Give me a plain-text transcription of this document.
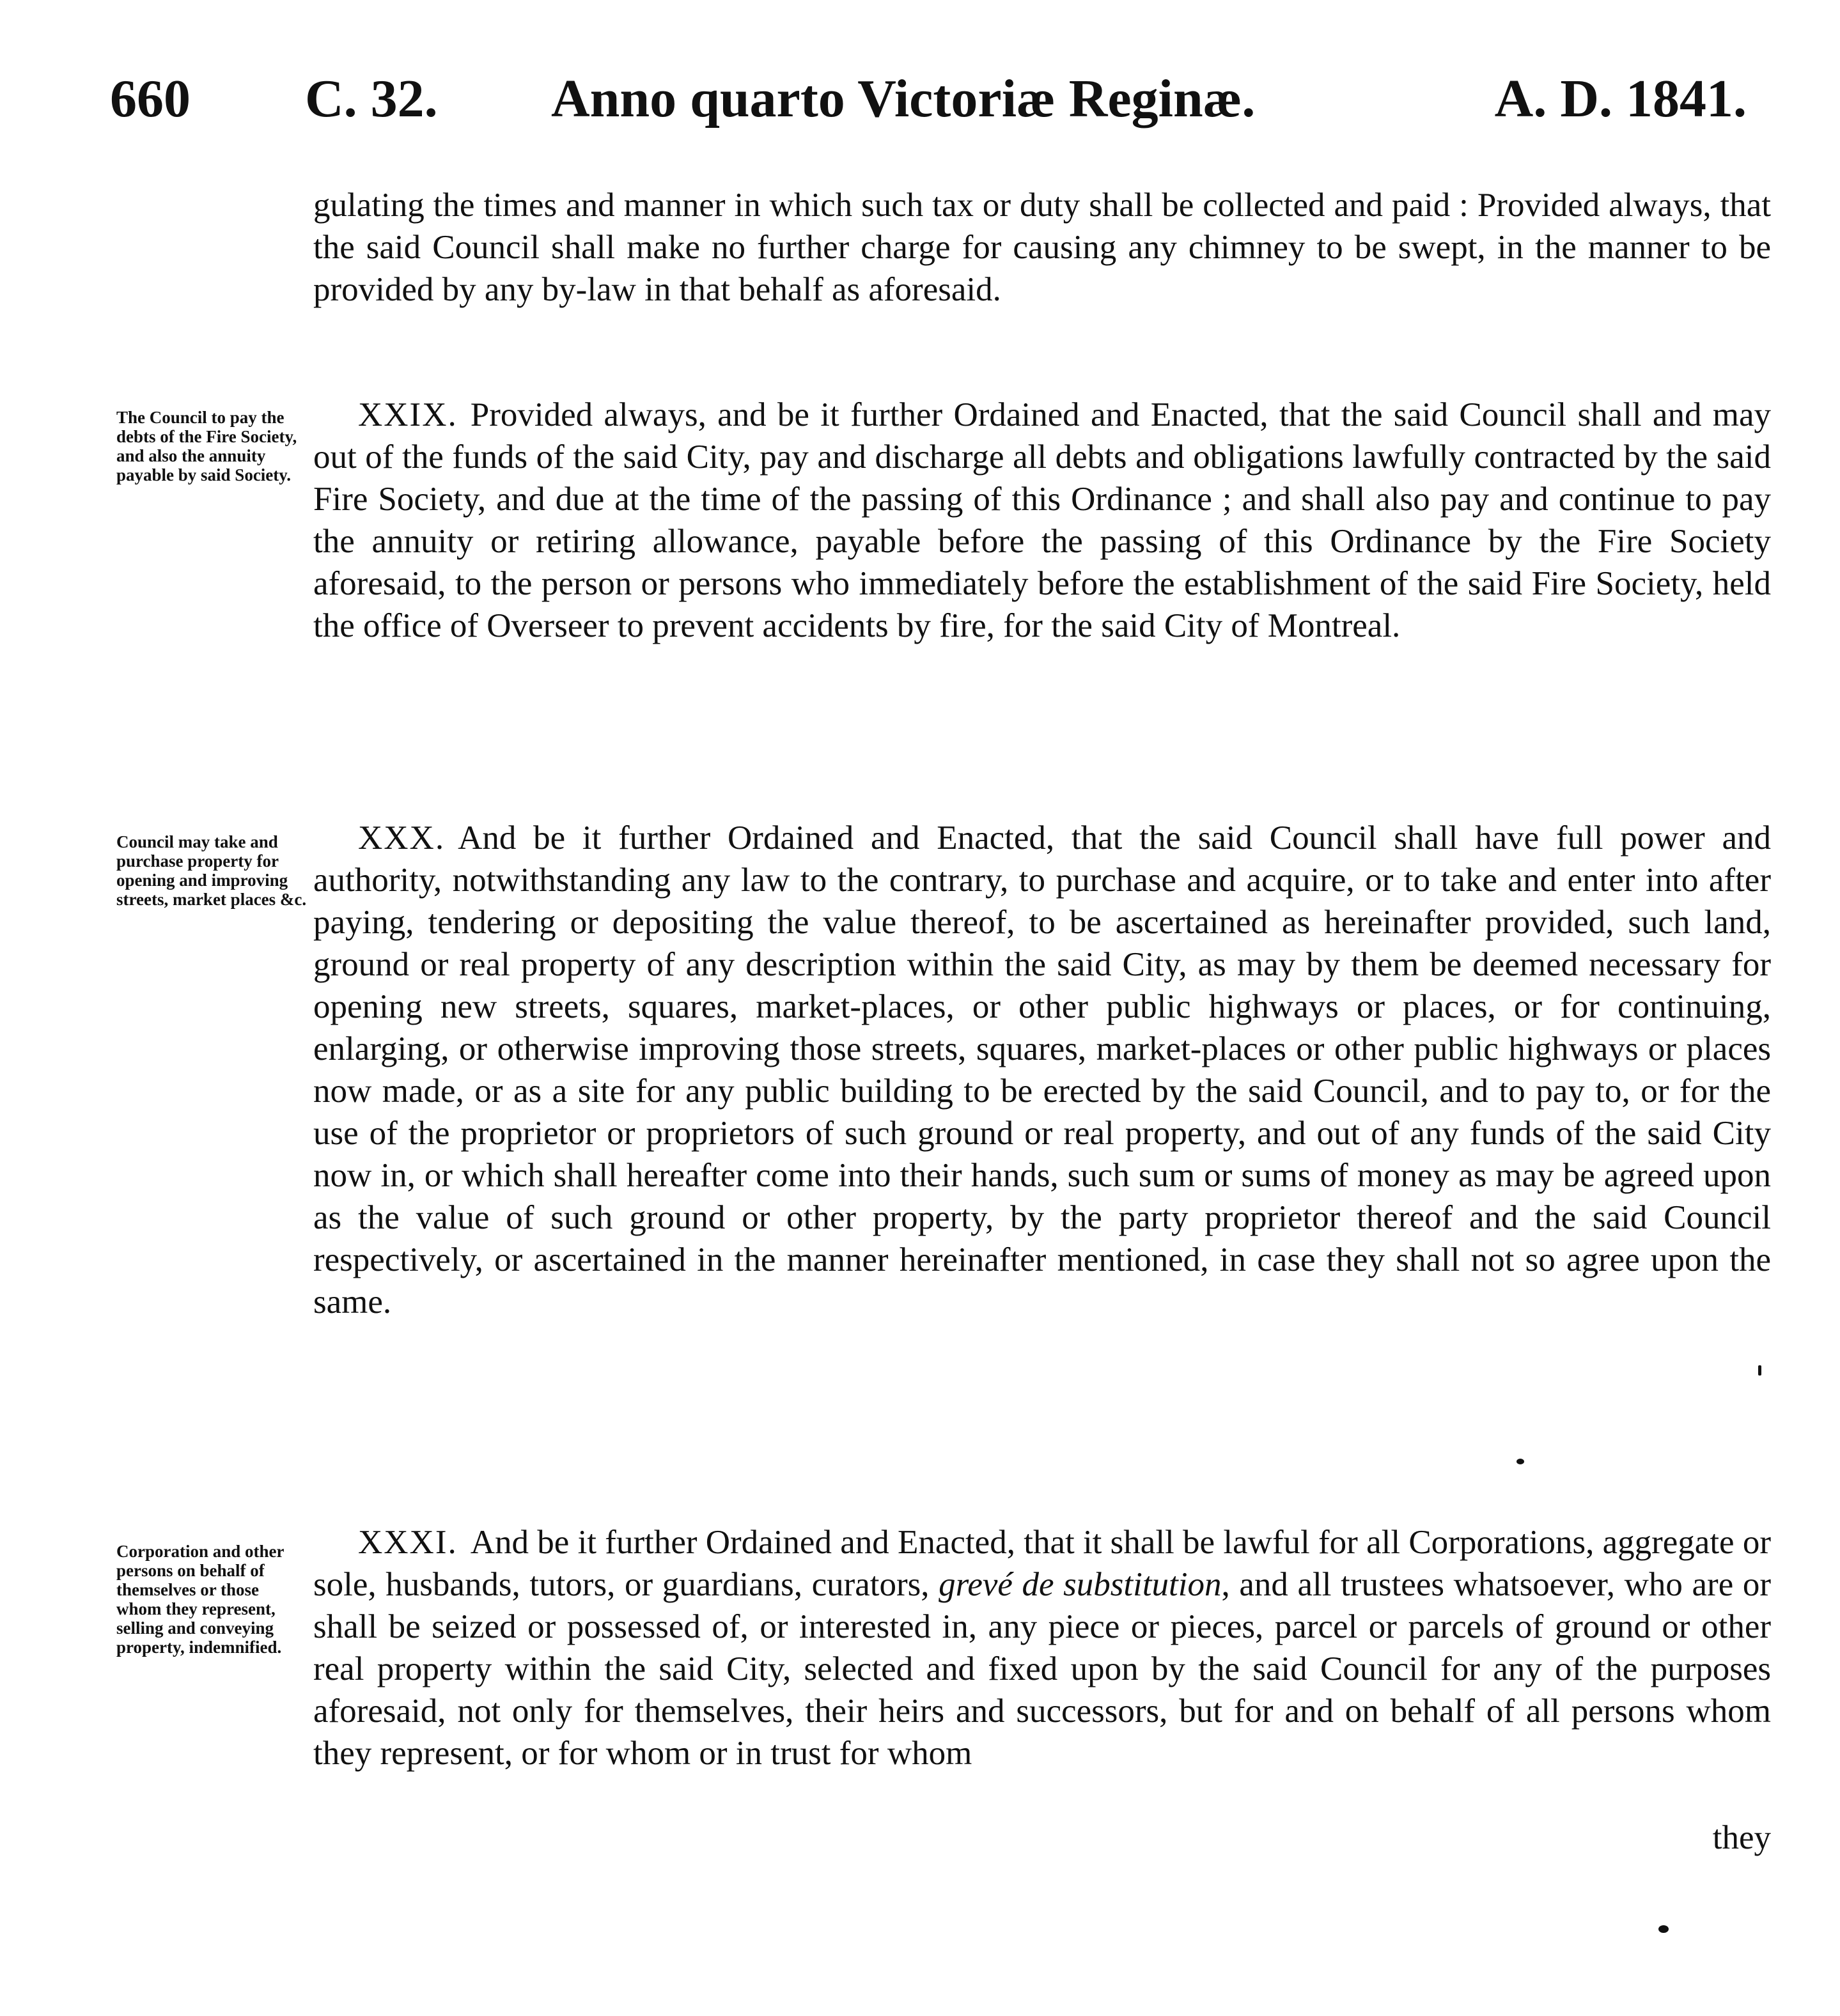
660 C. 32. Anno quarto Victoriæ Reginæ.	A. D. 1841.

gulating the times and manner in which such tax or duty shall be collected and paid : Provided always, that the said Council shall make no further charge for causing any chimney to be swept, in the manner to be provided by any by-law in that behalf as aforesaid.

The Council to pay the debts of the Fire Society, and also the annuity payable by said Society.

XXIX. Provided always, and be it further Ordained and Enacted, that the said Council shall and may out of the funds of the said City, pay and discharge all debts and obligations lawfully contracted by the said Fire Society, and due at the time of the passing of this Ordinance ; and shall also pay and continue to pay the annuity or retiring allowance, payable before the passing of this Ordinance by the Fire Society aforesaid, to the person or persons who immediately before the establishment of the said Fire Society, held the office of Overseer to prevent accidents by fire, for the said City of Montreal.

Council may take and purchase property for opening and improving streets, market places &c.

XXX. And be it further Ordained and Enacted, that the said Council shall have full power and authority, notwithstanding any law to the contrary, to purchase and acquire, or to take and enter into after paying, tendering or depositing the value thereof, to be ascertained as hereinafter provided, such land, ground or real property of any description within the said City, as may by them be deemed necessary for opening new streets, squares, market-places, or other public highways or places, or for continuing, enlarging, or otherwise improving those streets, squares, market-places or other public highways or places now made, or as a site for any public building to be erected by the said Council, and to pay to, or for the use of the proprietor or proprietors of such ground or real property, and out of any funds of the said City now in, or which shall hereafter come into their hands, such sum or sums of money as may be agreed upon as the value of such ground or other property, by the party proprietor thereof and the said Council respectively, or ascertained in the manner hereinafter mentioned, in case they shall not so agree upon the same.

Corporation and other persons on behalf of themselves or those whom they represent, selling and conveying property, indemnified.

XXXI. And be it further Ordained and Enacted, that it shall be lawful for all Corporations, aggregate or sole, husbands, tutors, or guardians, curators, grevé de substitution, and all trustees whatsoever, who are or shall be seized or possessed of, or interested in, any piece or pieces, parcel or parcels of ground or other real property within the said City, selected and fixed upon by the said Council for any of the purposes aforesaid, not only for themselves, their heirs and successors, but for and on behalf of all persons whom they represent, or for whom or in trust for whom

they
